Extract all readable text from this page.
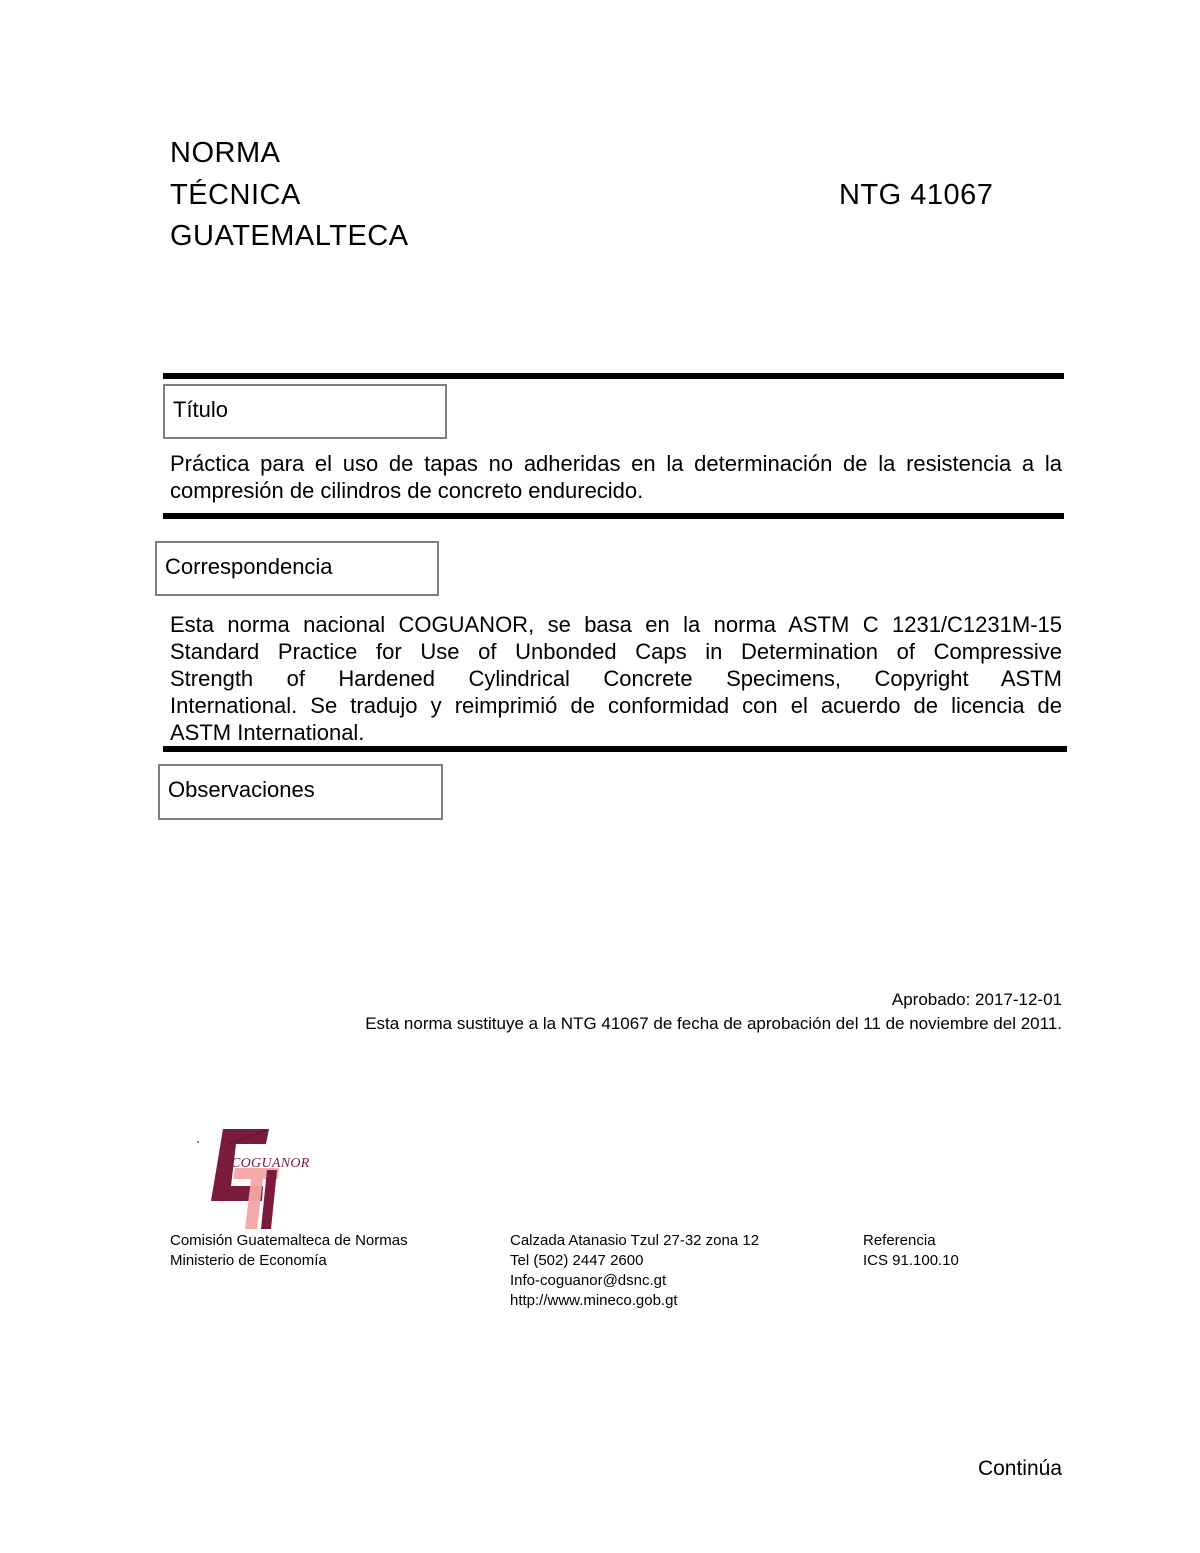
NORMA
TÉCNICA
GUATEMALTECA
NTG 41067
Título
Práctica para el uso de tapas no adheridas en la determinación de la resistencia a la
compresión de cilindros de concreto endurecido.
Correspondencia
Esta norma nacional COGUANOR, se basa en la norma ASTM C 1231/C1231M-15
Standard Practice for Use of Unbonded Caps in Determination of Compressive
Strength of Hardened Cylindrical Concrete Specimens, Copyright ASTM
International. Se tradujo y reimprimió de conformidad con el acuerdo de licencia de
ASTM International.
Observaciones
Aprobado: 2017-12-01
Esta norma sustituye a la NTG 41067 de fecha de aprobación del 11 de noviembre del 2011.
COGUANOR
Comisión Guatemalteca de Normas
Ministerio de Economía
Calzada Atanasio Tzul 27-32 zona 12
Tel (502) 2447 2600
Info-coguanor@dsnc.gt
http://www.mineco.gob.gt
Referencia
ICS 91.100.10
Continúa
